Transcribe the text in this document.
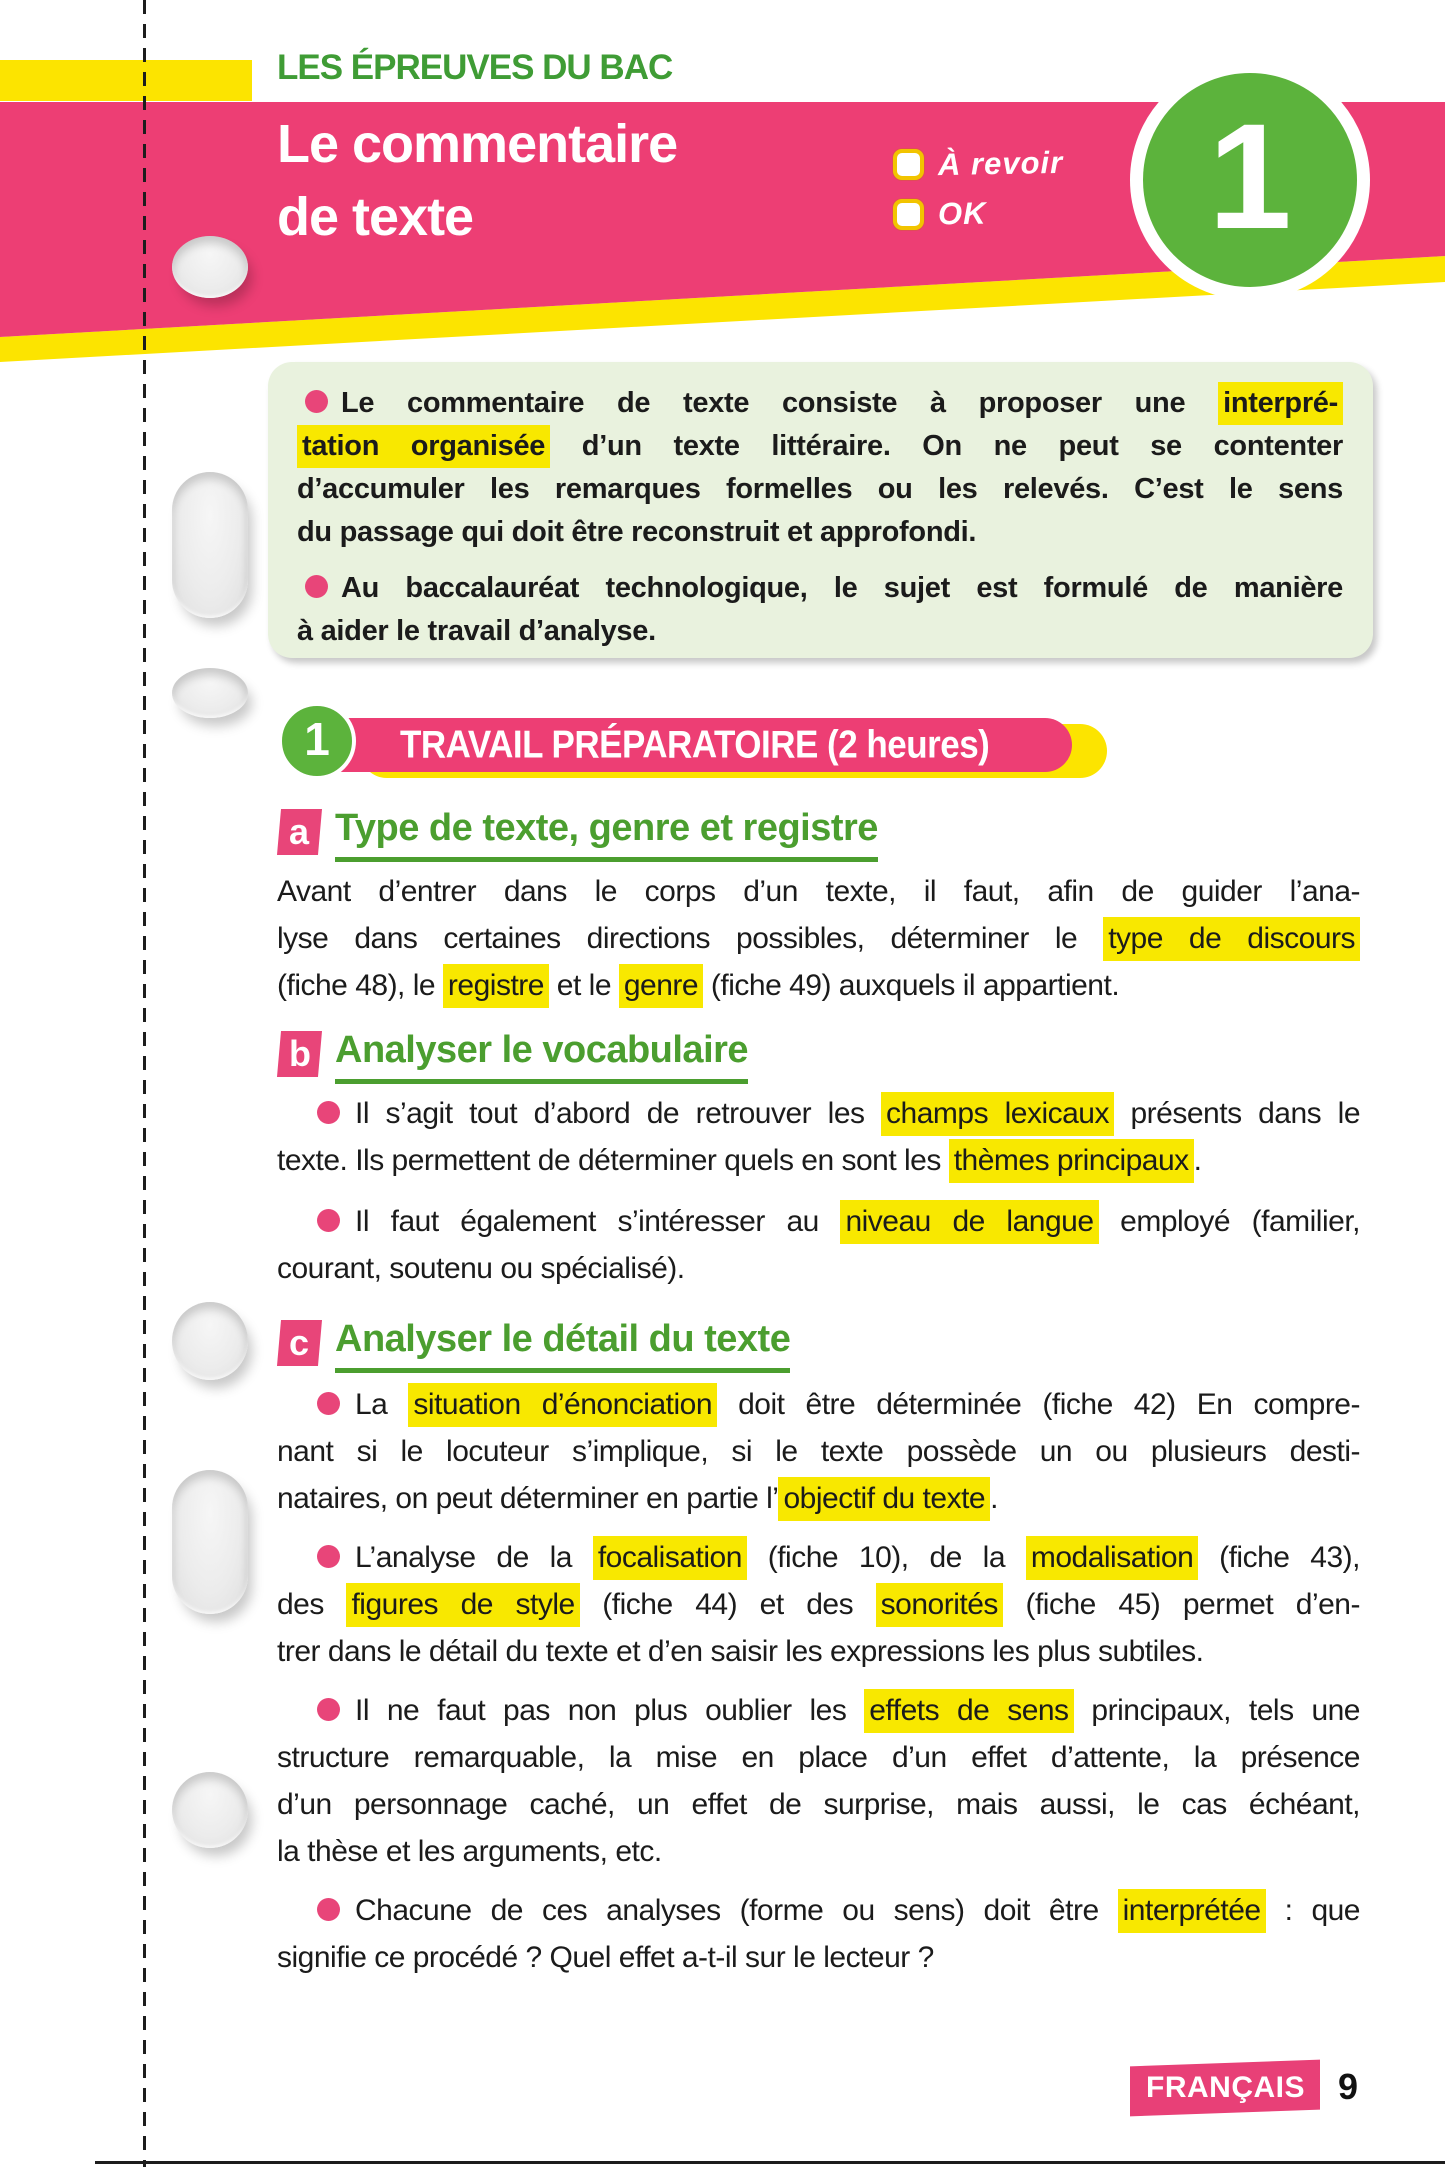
LES ÉPREUVES DU BAC
Le commentaire
de texte
À revoir
OK 1
Le commentaire de texte consiste à proposer une interpré-
tation organisée d’un texte littéraire. On ne peut se contenter
d’accumuler les remarques formelles ou les relevés. C’est le sens
du passage qui doit être reconstruit et approfondi.
Au baccalauréat technologique, le sujet est formulé de manière
à aider le travail d’analyse.
TRAVAIL PRÉPARATOIRE (2 heures)
1
a Type de texte, genre et registre
Avant d’entrer dans le corps d’un texte, il faut, afin de guider l’ana-
lyse dans certaines directions possibles, déterminer le type de discours
(fiche 48), le registre et le genre (fiche 49) auxquels il appartient.
b Analyser le vocabulaire
Il s’agit tout d’abord de retrouver les champs lexicaux présents dans le
texte. Ils permettent de déterminer quels en sont les thèmes principaux .
Il faut également s’intéresser au niveau de langue employé (familier,
courant, soutenu ou spécialisé).
c Analyser le détail du texte
La situation d’énonciation doit être déterminée (fiche 42) En compre-
nant si le locuteur s’implique, si le texte possède un ou plusieurs desti-
nataires, on peut déterminer en partie l’ objectif du texte .
L’analyse de la focalisation (fiche 10), de la modalisation (fiche 43),
des figures de style (fiche 44) et des sonorités (fiche 45) permet d’en-
trer dans le détail du texte et d’en saisir les expressions les plus subtiles.
Il ne faut pas non plus oublier les effets de sens principaux, tels une
structure remarquable, la mise en place d’un effet d’attente, la présence
d’un personnage caché, un effet de surprise, mais aussi, le cas échéant,
la thèse et les arguments, etc.
Chacune de ces analyses (forme ou sens) doit être interprétée : que
signifie ce procédé ? Quel effet a-t-il sur le lecteur ?
FRANÇAIS 9
